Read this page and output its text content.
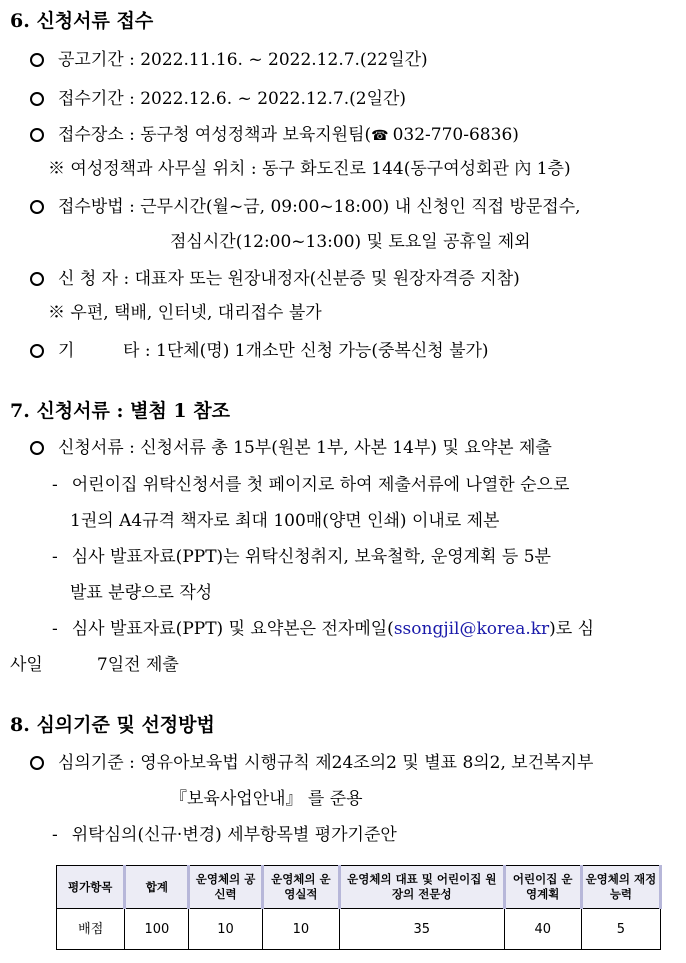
6. 신청서류 접수
공고기간 : 2022.11.16. ~ 2022.12.7.(22일간)
접수기간 : 2022.12.6. ~ 2022.12.7.(2일간)
접수장소 : 동구청 여성정책과 보육지원팀(☎ 032-770-6836)
※ 여성정책과 사무실 위치 : 동구 화도진로 144(동구여성회관 內 1층)
접수방법 : 근무시간(월~금, 09:00~18:00) 내 신청인 직접 방문접수,
점심시간(12:00~13:00) 및 토요일 공휴일 제외
신 청 자 : 대표자 또는 원장내정자(신분증 및 원장자격증 지참)
※ 우편, 택배, 인터넷, 대리접수 불가
기         타 : 1단체(명) 1개소만 신청 가능(중복신청 불가)
7. 신청서류 : 별첨 1 참조
신청서류 : 신청서류 총 15부(원본 1부, 사본 14부) 및 요약본 제출
- 어린이집 위탁신청서를 첫 페이지로 하여 제출서류에 나열한 순으로
1권의 A4규격 책자로 최대 100매(양면 인쇄) 이내로 제본
- 심사 발표자료(PPT)는 위탁신청취지, 보육철학, 운영계획 등 5분
발표 분량으로 작성
- 심사 발표자료(PPT) 및 요약본은 전자메일(ssongjil@korea.kr)로 심
사일          7일전 제출
8. 심의기준 및 선정방법
심의기준 : 영유아보육법 시행규칙 제24조의2 및 별표 8의2, 보건복지부
『보육사업안내』 를 준용
- 위탁심의(신규·변경) 세부항목별 평가기준안
평가항목	합계	운영체의 공신력	운영체의 운영실적	운영체의 대표 및 어린이집 원장의 전문성	어린이집 운영계획	운영체의 재정능력
배점	100	10	10	35	40	5
